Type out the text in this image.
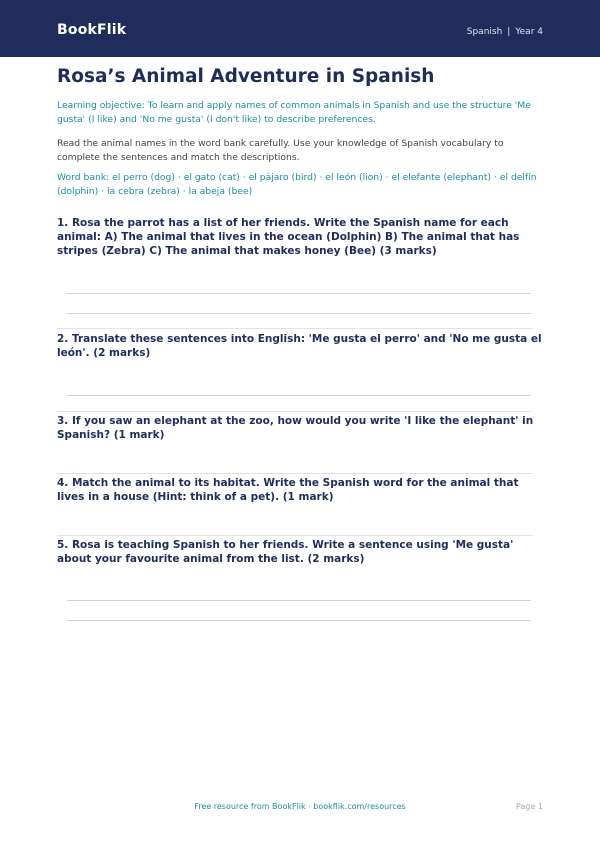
BookFlik	Spanish | Year 4
Rosa’s Animal Adventure in Spanish

Learning objective: To learn and apply names of common animals in Spanish and use the structure 'Me gusta' (I like) and 'No me gusta' (I don't like) to describe preferences.

Read the animal names in the word bank carefully. Use your knowledge of Spanish vocabulary to complete the sentences and match the descriptions.

Word bank: el perro (dog) · el gato (cat) · el pájaro (bird) · el león (lion) · el elefante (elephant) · el delfín (dolphin) · la cebra (zebra) · la abeja (bee)

1. Rosa the parrot has a list of her friends. Write the Spanish name for each animal: A) The animal that lives in the ocean (Dolphin) B) The animal that has stripes (Zebra) C) The animal that makes honey (Bee) (3 marks)

2. Translate these sentences into English: 'Me gusta el perro' and 'No me gusta el león'. (2 marks)

3. If you saw an elephant at the zoo, how would you write 'I like the elephant' in Spanish? (1 mark)

4. Match the animal to its habitat. Write the Spanish word for the animal that lives in a house (Hint: think of a pet). (1 mark)

5. Rosa is teaching Spanish to her friends. Write a sentence using 'Me gusta' about your favourite animal from the list. (2 marks)

Free resource from BookFlik · bookflik.com/resources	Page 1
